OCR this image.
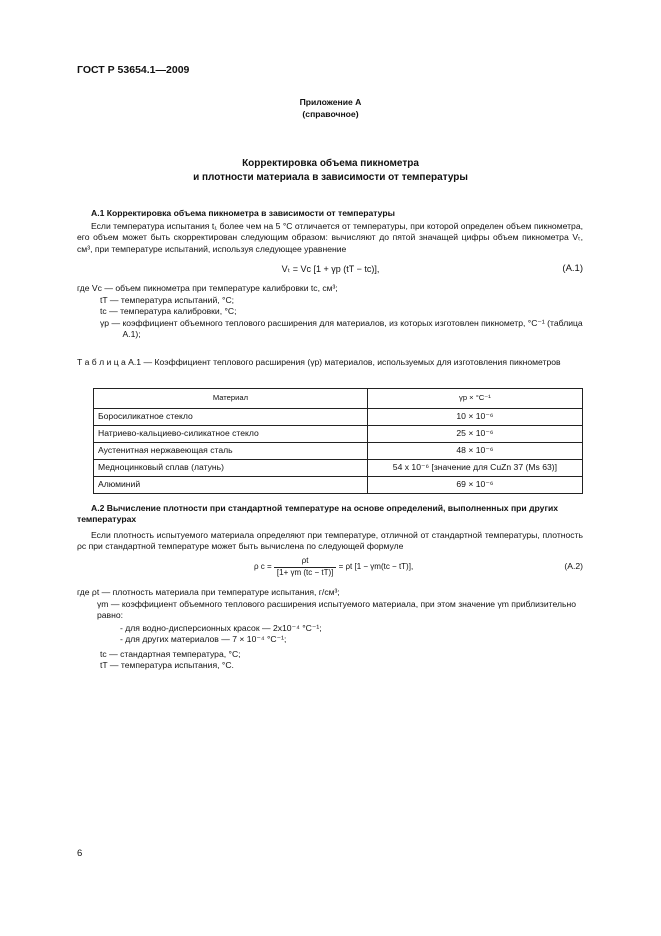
ГОСТ Р 53654.1—2009
Приложение А
(справочное)
Корректировка объема пикнометра
и плотности материала в зависимости от температуры
А.1 Корректировка объема пикнометра в зависимости от температуры
Если температура испытания t₁ более чем на 5 °С отличается от температуры, при которой определен объем пикнометра, его объем может быть скорректирован следующим образом: вычисляют до пятой значащей цифры объем пикнометра Vₜ, см³, при температуре испытаний, используя следующее уравнение
Vₜ = Vc [1 + γp (tT − tc)],	(А.1)
где Vc — объем пикнометра при температуре калибровки tc, см³;
tT —
температура испытаний, °С;
tc —
температура калибровки, °С;
γp —
коэффициент объемного теплового расширения для материалов, из которых изготовлен пикнометр, °С⁻¹ (таблица А.1);
Т а б л и ц а А.1 — Коэффициент теплового расширения (γp) материалов, используемых для изготовления пикнометров
Материал	γp × °С⁻¹
Боросиликатное стекло	10 × 10⁻⁶
Натриево-кальциево-силикатное стекло	25 × 10⁻⁶
Аустенитная нержавеющая сталь	48 × 10⁻⁶
Медноцинковый сплав (латунь)	54 x 10⁻⁶ [значение для CuZn 37 (Ms 63)]
Алюминий	69 × 10⁻⁶
А.2 Вычисление плотности при стандартной температуре на основе определений, выполненных при других температурах
Если плотность испытуемого материала определяют при температуре, отличной от стандартной температуры, плотность ρc при стандартной температуре может быть вычислена по следующей формуле
ρ $c = \frac{\rho t}{[1+ \gamma m (tc - tT)]} = \rho t$ [1 − γm(tc − tT)],	(А.2)
где ρt — плотность материала при температуре испытания, г/см³;
γm — коэффициент объемного теплового расширения испытуемого материала, при этом значение γm приблизительно равно:
- для водно-дисперсионных красок — 2x10⁻⁴ °С⁻¹;
- для других материалов — 7 × 10⁻⁴ °С⁻¹;
tc —
стандартная температура, °С;
tT —
температура испытания, °С.
6
